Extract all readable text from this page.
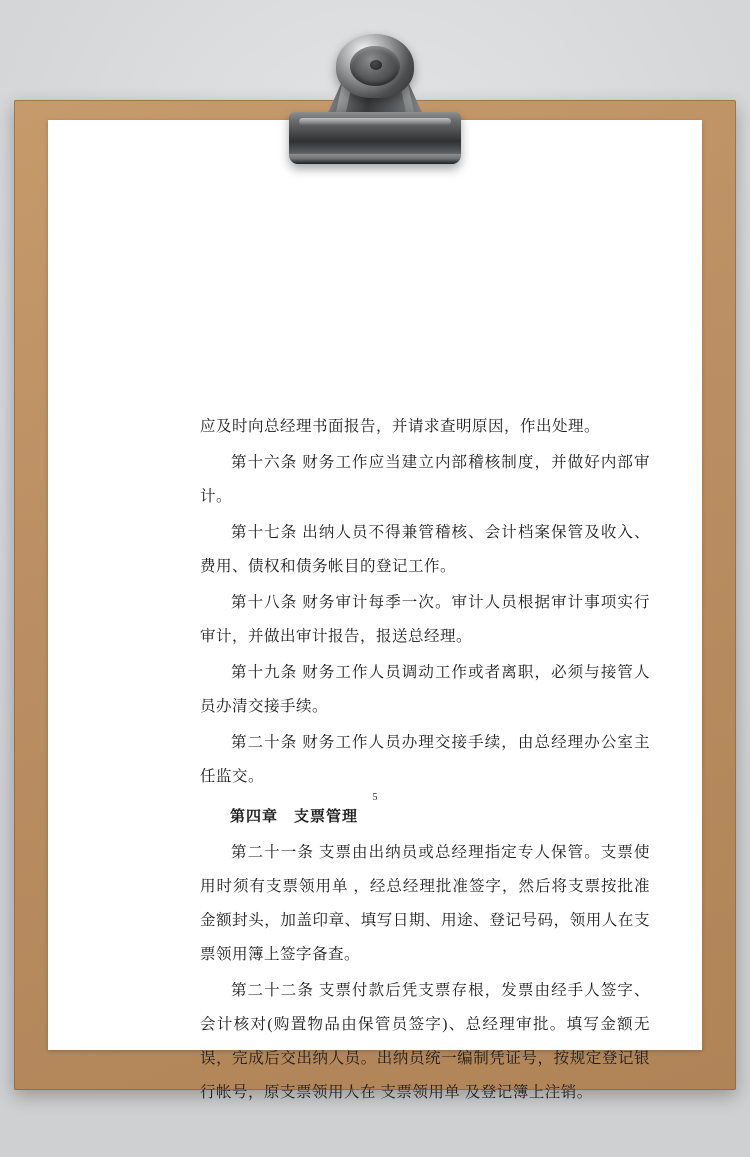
应及时向总经理书面报告，并请求查明原因，作出处理。

第十六条 财务工作应当建立内部稽核制度，并做好内部审计。

第十七条 出纳人员不得兼管稽核、会计档案保管及收入、费用、债权和债务帐目的登记工作。

第十八条 财务审计每季一次。审计人员根据审计事项实行审计，并做出审计报告，报送总经理。

第十九条 财务工作人员调动工作或者离职，必须与接管人员办清交接手续。

第二十条 财务工作人员办理交接手续，由总经理办公室主任监交。

第四章　支票管理

第二十一条 支票由出纳员或总经理指定专人保管。支票使用时须有支票领用单 ，经总经理批准签字，然后将支票按批准金额封头，加盖印章、填写日期、用途、登记号码，领用人在支票领用簿上签字备查。

第二十二条 支票付款后凭支票存根，发票由经手人签字、会计核对(购置物品由保管员签字)、总经理审批。填写金额无误，完成后交出纳人员。出纳员统一编制凭证号，按规定登记银行帐号，原支票领用人在 支票领用单 及登记簿上注销。

5
